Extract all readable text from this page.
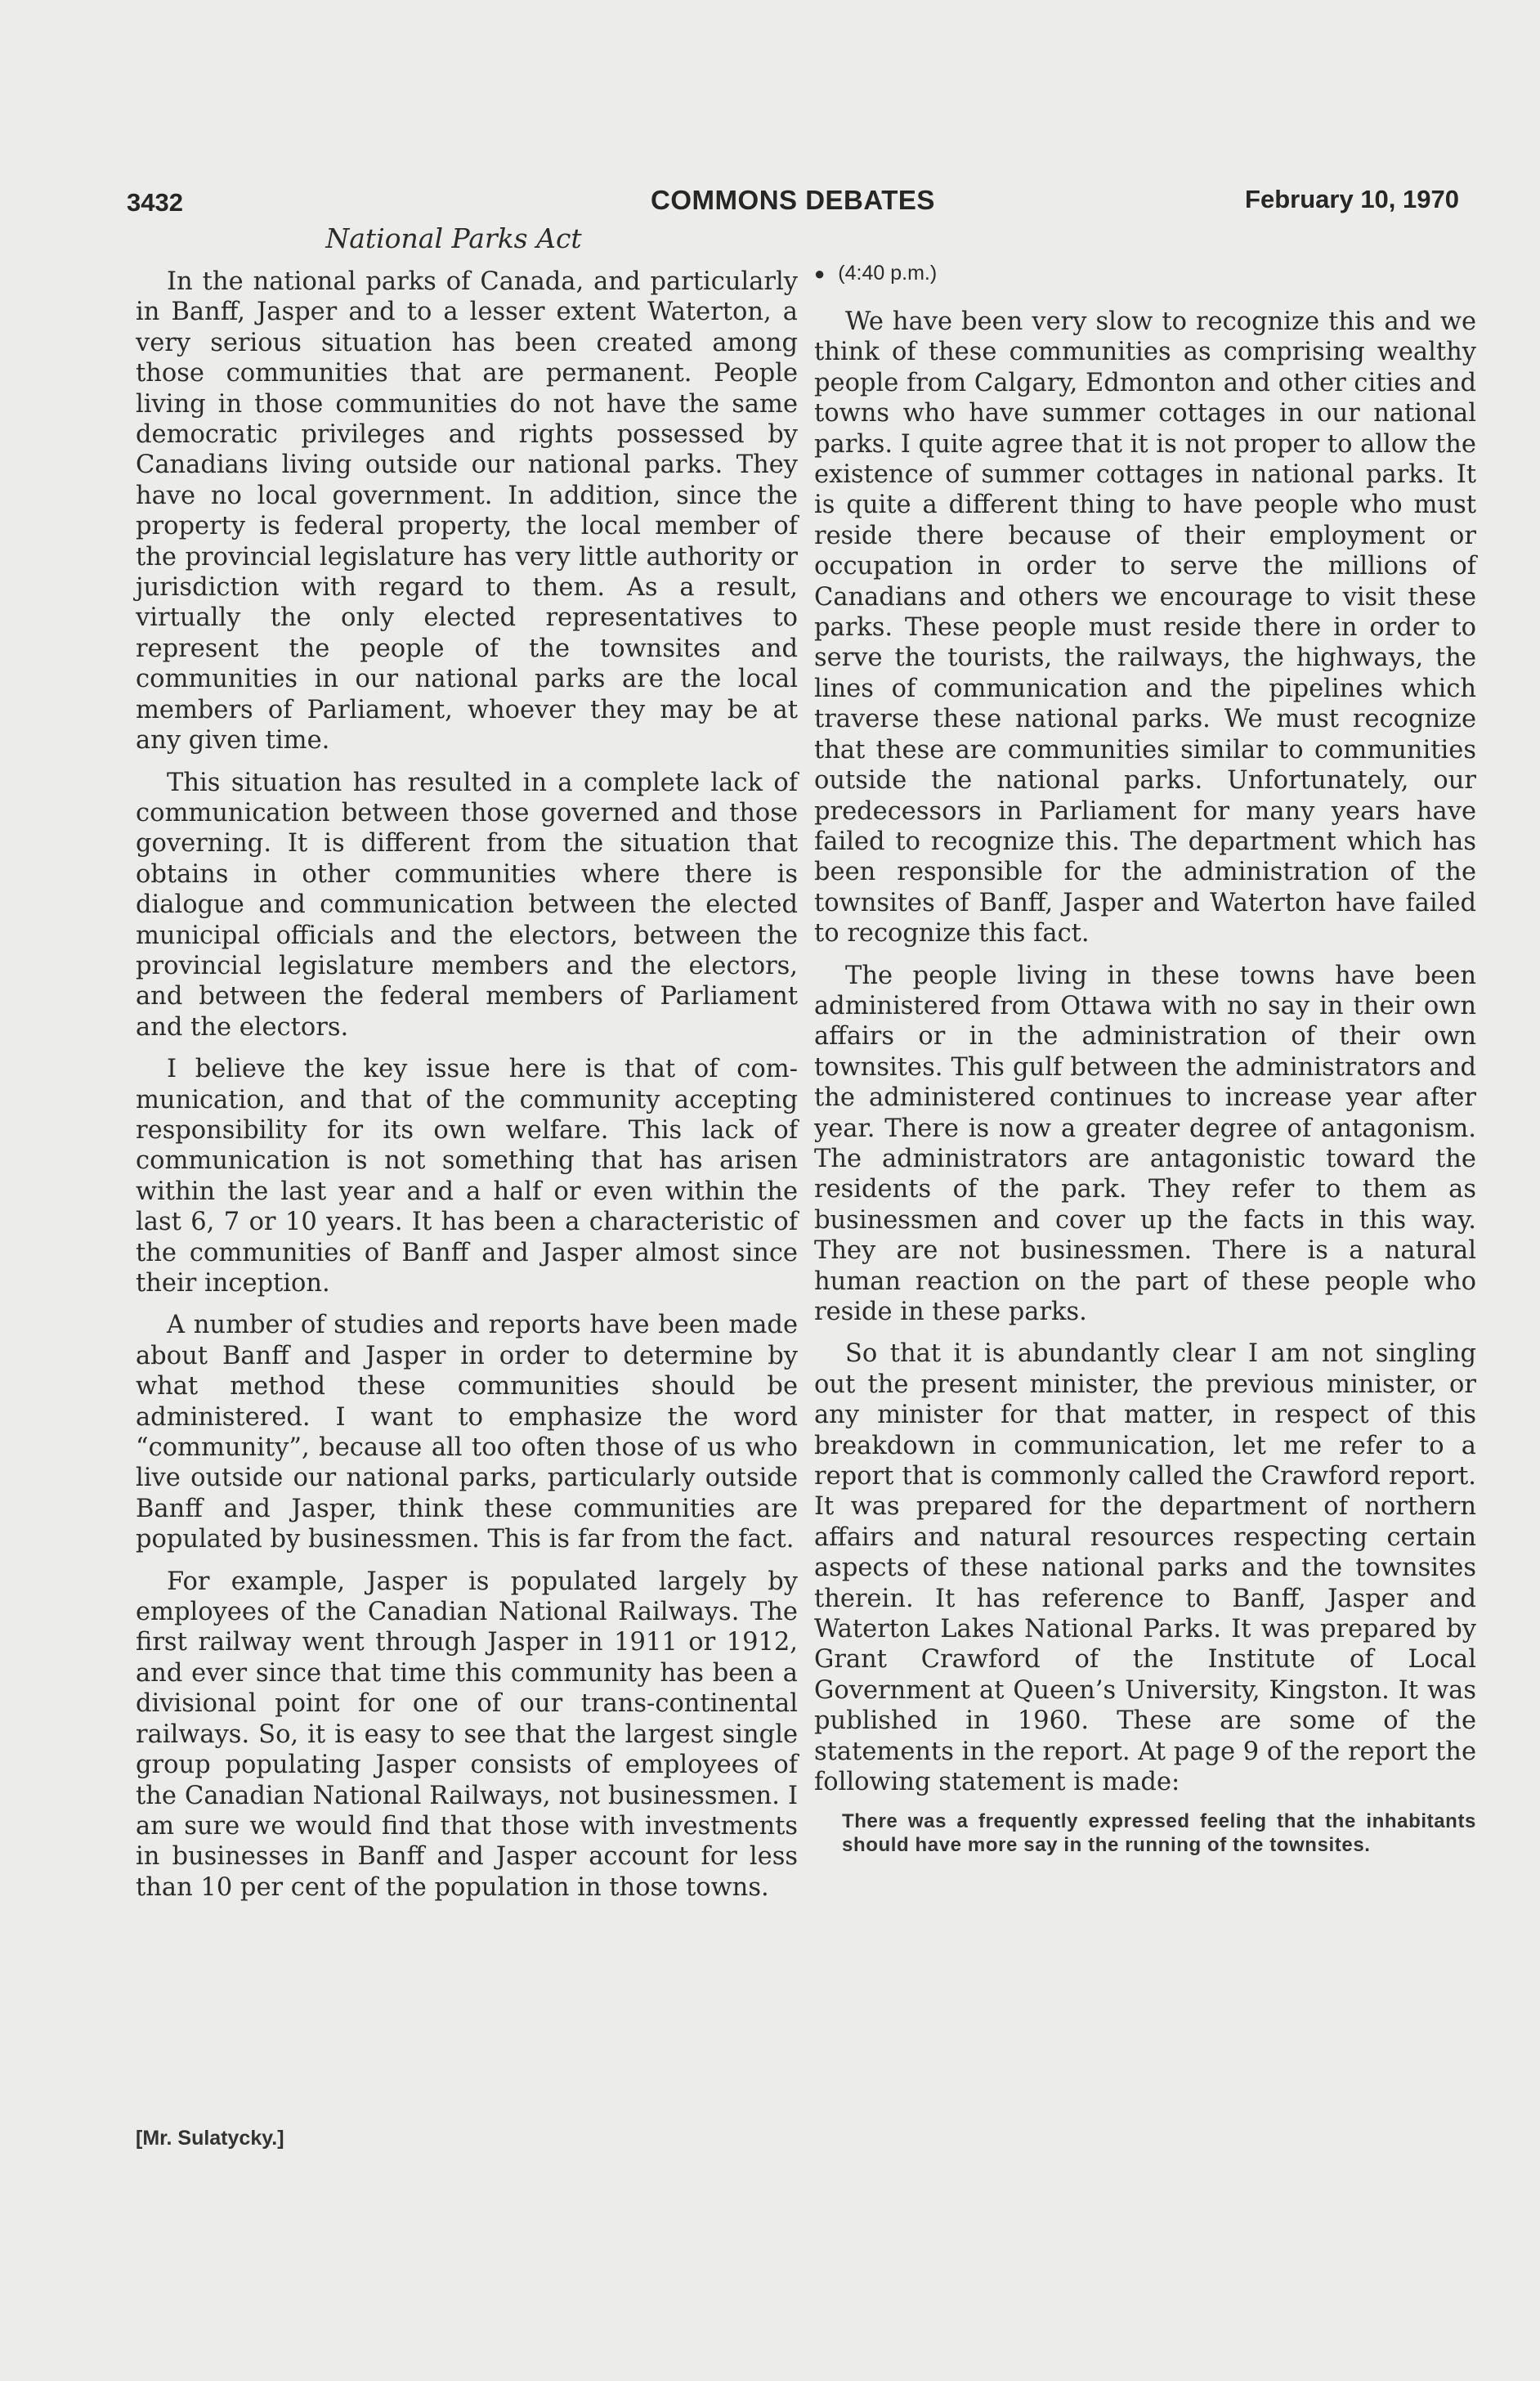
3432	COMMONS DEBATES	February 10, 1970
National Parks Act

In the national parks of Canada, and particularly in Banff, Jasper and to a lesser extent Waterton, a very serious situation has been created among those communities that are permanent. People living in those communities do not have the same democratic privileges and rights possessed by Canadians living outside our national parks. They have no local government. In addition, since the property is federal property, the local member of the provincial legislature has very little authority or jurisdiction with regard to them. As a result, virtually the only elected representatives to represent the people of the townsites and communities in our national parks are the local members of Parliament, whoever they may be at any given time.

This situation has resulted in a complete lack of communication between those governed and those governing. It is different from the situation that obtains in other communities where there is dialogue and communication between the elected municipal officials and the electors, between the provincial legislature members and the electors, and between the federal members of Parliament and the electors.

I believe the key issue here is that of communication, and that of the community accepting responsibility for its own welfare. This lack of communication is not something that has arisen within the last year and a half or even within the last 6, 7 or 10 years. It has been a characteristic of the communities of Banff and Jasper almost since their inception.

A number of studies and reports have been made about Banff and Jasper in order to determine by what method these communities should be administered. I want to emphasize the word “community”, because all too often those of us who live outside our national parks, particularly outside Banff and Jasper, think these communities are populated by businessmen. This is far from the fact.

For example, Jasper is populated largely by employees of the Canadian National Railways. The first railway went through Jasper in 1911 or 1912, and ever since that time this community has been a divisional point for one of our trans-continental railways. So, it is easy to see that the largest single group populating Jasper consists of employees of the Canadian National Railways, not businessmen. I am sure we would find that those with investments in businesses in Banff and Jasper account for less than 10 per cent of the population in those towns.

[Mr. Sulatycky.]
● (4:40 p.m.)

We have been very slow to recognize this and we think of these communities as comprising wealthy people from Calgary, Edmonton and other cities and towns who have summer cottages in our national parks. I quite agree that it is not proper to allow the existence of summer cottages in national parks. It is quite a different thing to have people who must reside there because of their employment or occupation in order to serve the millions of Canadians and others we encourage to visit these parks. These people must reside there in order to serve the tourists, the railways, the highways, the lines of communication and the pipelines which traverse these national parks. We must recognize that these are communities similar to communities outside the national parks. Unfortunately, our predecessors in Parliament for many years have failed to recognize this. The department which has been responsible for the administration of the townsites of Banff, Jasper and Waterton have failed to recognize this fact.

The people living in these towns have been administered from Ottawa with no say in their own affairs or in the administration of their own townsites. This gulf between the administrators and the administered continues to increase year after year. There is now a greater degree of antagonism. The administrators are antagonistic toward the residents of the park. They refer to them as businessmen and cover up the facts in this way. They are not businessmen. There is a natural human reaction on the part of these people who reside in these parks.

So that it is abundantly clear I am not singling out the present minister, the previous minister, or any minister for that matter, in respect of this breakdown in communication, let me refer to a report that is commonly called the Crawford report. It was prepared for the department of northern affairs and natural resources respecting certain aspects of these national parks and the townsites therein. It has reference to Banff, Jasper and Waterton Lakes National Parks. It was prepared by Grant Crawford of the Institute of Local Government at Queen’s University, Kingston. It was published in 1960. These are some of the statements in the report. At page 9 of the report the following statement is made:

There was a frequently expressed feeling that the inhabitants should have more say in the running of the townsites.
